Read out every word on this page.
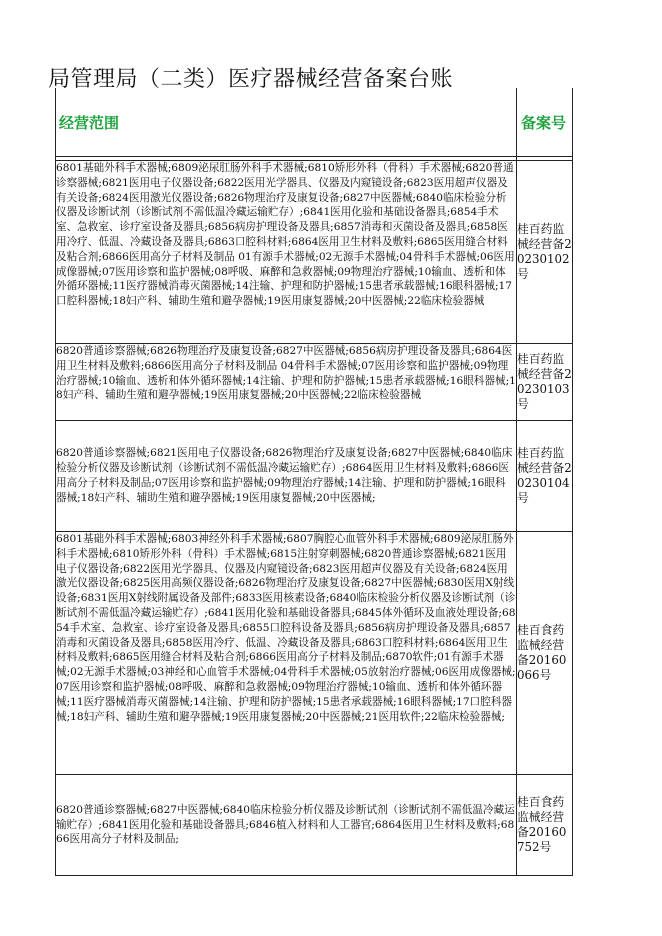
局管理局（二类）医疗器械经营备案台账
经营范围	备案号

6801基础外科手术器械;6809泌尿肛肠外科手术器械;6810矫形外科（骨科）手术器械;6820普通诊察器械;6821医用电子仪器设备;6822医用光学器具、仪器及内窥镜设备;6823医用超声仪器及有关设备;6824医用激光仪器设备;6826物理治疗及康复设备;6827中医器械;6840临床检验分析仪器及诊断试剂（诊断试剂不需低温冷藏运输贮存）;6841医用化验和基础设备器具;6854手术室、急救室、诊疗室设备及器具;6856病房护理设备及器具;6857消毒和灭菌设备及器具;6858医用冷疗、低温、冷藏设备及器具;6863口腔科材料;6864医用卫生材料及敷料;6865医用缝合材料及粘合剂;6866医用高分子材料及制品 01有源手术器械;02无源手术器械;04骨科手术器械;06医用成像器械;07医用诊察和监护器械;08呼吸、麻醉和急救器械;09物理治疗器械;10输血、透析和体外循环器械;11医疗器械消毒灭菌器械;14注输、护理和防护器械;15患者承载器械;16眼科器械;17口腔科器械;18妇产科、辅助生殖和避孕器械;19医用康复器械;20中医器械;22临床检验器械	桂百药监械经营备20230102号
6820普通诊察器械;6826物理治疗及康复设备;6827中医器械;6856病房护理设备及器具;6864医用卫生材料及敷料;6866医用高分子材料及制品 04骨科手术器械;07医用诊察和监护器械;09物理治疗器械;10输血、透析和体外循环器械;14注输、护理和防护器械;15患者承载器械;16眼科器械;18妇产科、辅助生殖和避孕器械;19医用康复器械;20中医器械;22临床检验器械	桂百药监械经营备20230103号
6820普通诊察器械;6821医用电子仪器设备;6826物理治疗及康复设备;6827中医器械;6840临床检验分析仪器及诊断试剂（诊断试剂不需低温冷藏运输贮存）;6864医用卫生材料及敷料;6866医用高分子材料及制品;07医用诊察和监护器械;09物理治疗器械;14注输、护理和防护器械;16眼科器械;18妇产科、辅助生殖和避孕器械;19医用康复器械;20中医器械;	桂百药监械经营备20230104号
6801基础外科手术器械;6803神经外科手术器械;6807胸腔心血管外科手术器械;6809泌尿肛肠外科手术器械;6810矫形外科（骨科）手术器械;6815注射穿刺器械;6820普通诊察器械;6821医用电子仪器设备;6822医用光学器具、仪器及内窥镜设备;6823医用超声仪器及有关设备;6824医用激光仪器设备;6825医用高频仪器设备;6826物理治疗及康复设备;6827中医器械;6830医用X射线设备;6831医用X射线附属设备及部件;6833医用核素设备;6840临床检验分析仪器及诊断试剂（诊断试剂不需低温冷藏运输贮存）;6841医用化验和基础设备器具;6845体外循环及血液处理设备;6854手术室、急救室、诊疗室设备及器具;6855口腔科设备及器具;6856病房护理设备及器具;6857消毒和灭菌设备及器具;6858医用冷疗、低温、冷藏设备及器具;6863口腔科材料;6864医用卫生材料及敷料;6865医用缝合材料及粘合剂;6866医用高分子材料及制品;6870软件;01有源手术器械;02无源手术器械;03神经和心血管手术器械;04骨科手术器械;05放射治疗器械;06医用成像器械;07医用诊察和监护器械;08呼吸、麻醉和急救器械;09物理治疗器械;10输血、透析和体外循环器械;11医疗器械消毒灭菌器械;14注输、护理和防护器械;15患者承载器械;16眼科器械;17口腔科器械;18妇产科、辅助生殖和避孕器械;19医用康复器械;20中医器械;21医用软件;22临床检验器械;	桂百食药监械经营备20160066号
6820普通诊察器械;6827中医器械;6840临床检验分析仪器及诊断试剂（诊断试剂不需低温冷藏运输贮存）;6841医用化验和基础设备器具;6846植入材料和人工器官;6864医用卫生材料及敷料;6866医用高分子材料及制品;	桂百食药监械经营备20160752号
